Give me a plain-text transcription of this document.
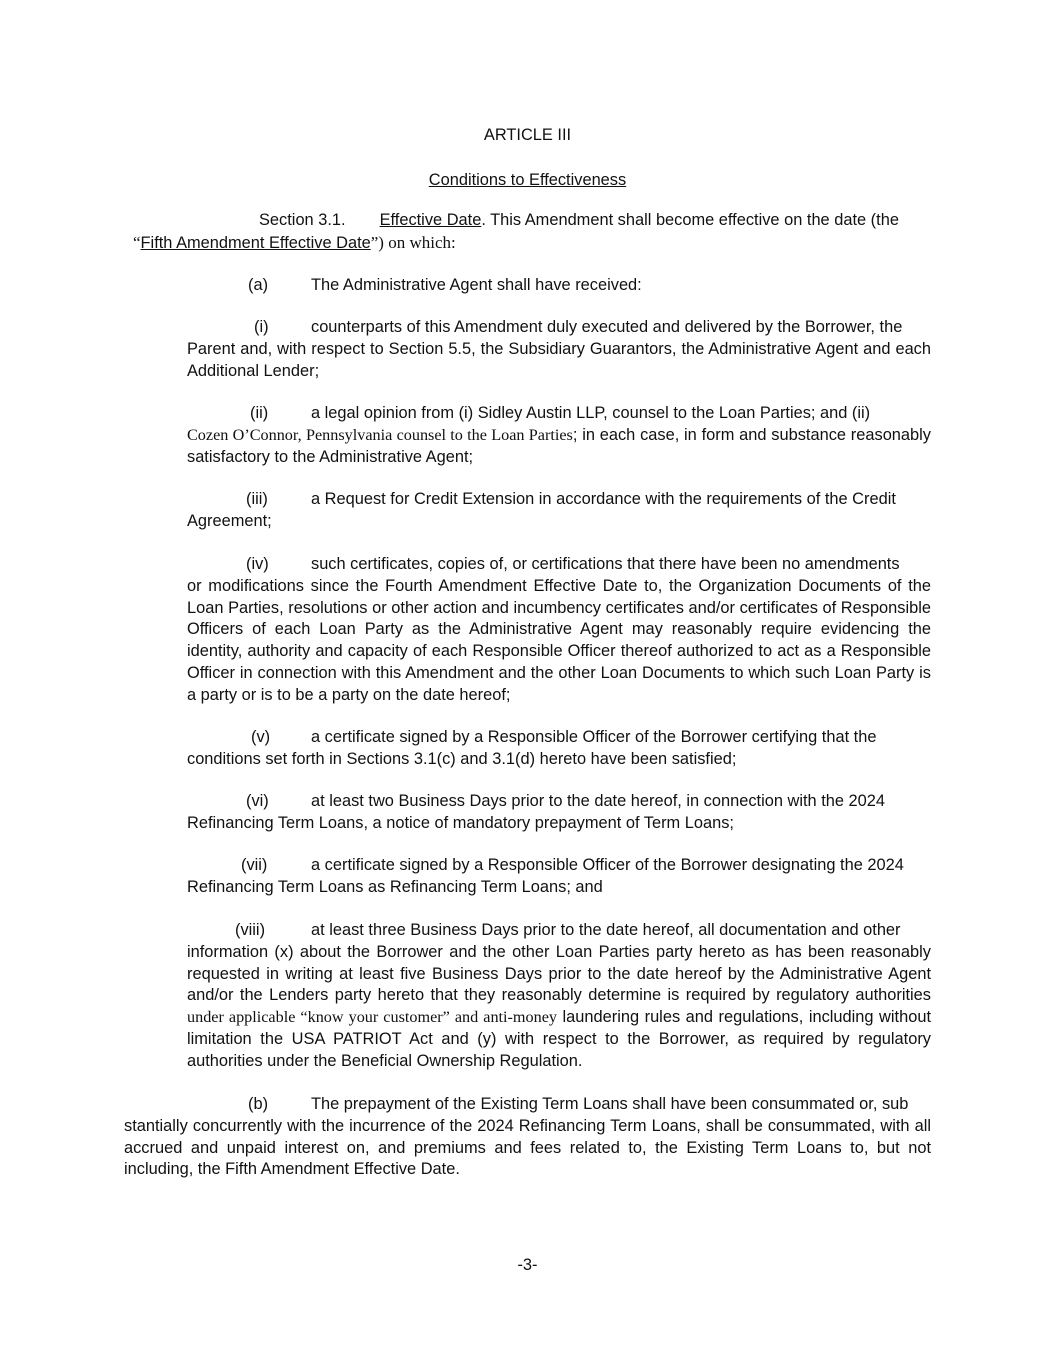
ARTICLE III
Conditions to Effectiveness
Section 3.1. Effective Date. This Amendment shall become effective on the date (the
“Fifth Amendment Effective Date”) on which:
(a)	The Administrative Agent shall have received:
(i)	counterparts of this Amendment duly executed and delivered by the Borrower, the
Parent and, with respect to Section 5.5, the Subsidiary Guarantors, the Administrative Agent and each Additional Lender;
(ii)	a legal opinion from (i) Sidley Austin LLP, counsel to the Loan Parties; and (ii)
Cozen O’Connor, Pennsylvania counsel to the Loan Parties; in each case, in form and substance reasonably satisfactory to the Administrative Agent;
(iii)	a Request for Credit Extension in accordance with the requirements of the Credit
Agreement;
(iv)	such certificates, copies of, or certifications that there have been no amendments
or modifications since the Fourth Amendment Effective Date to, the Organization Documents of the Loan Parties, resolutions or other action and incumbency certificates and/or certificates of Responsible Officers of each Loan Party as the Administrative Agent may reasonably require evidencing the identity, authority and capacity of each Responsible Officer thereof authorized to act as a Responsible Officer in connection with this Amendment and the other Loan Documents to which such Loan Party is a party or is to be a party on the date hereof;
(v) a certificate signed by a Responsible Officer of the Borrower certifying that the
conditions set forth in Sections 3.1(c) and 3.1(d) hereto have been satisfied;
(vi)	at least two Business Days prior to the date hereof, in connection with the 2024
Refinancing Term Loans, a notice of mandatory prepayment of Term Loans;
(vii)	a certificate signed by a Responsible Officer of the Borrower designating the 2024
Refinancing Term Loans as Refinancing Term Loans; and
(viii)	at least three Business Days prior to the date hereof, all documentation and other
information (x) about the Borrower and the other Loan Parties party hereto as has been reasonably requested in writing at least five Business Days prior to the date hereof by the Administrative Agent and/or the Lenders party hereto that they reasonably determine is required by regulatory authorities under applicable “know your customer” and anti-money laundering rules and regulations, including without limitation the USA PATRIOT Act and (y) with respect to the Borrower, as required by regulatory authorities under the Beneficial Ownership Regulation.
(b)	The prepayment of the Existing Term Loans shall have been consummated or, sub
stantially concurrently with the incurrence of the 2024 Refinancing Term Loans, shall be consummated, with all accrued and unpaid interest on, and premiums and fees related to, the Existing Term Loans to, but not including, the Fifth Amendment Effective Date.
-3-
